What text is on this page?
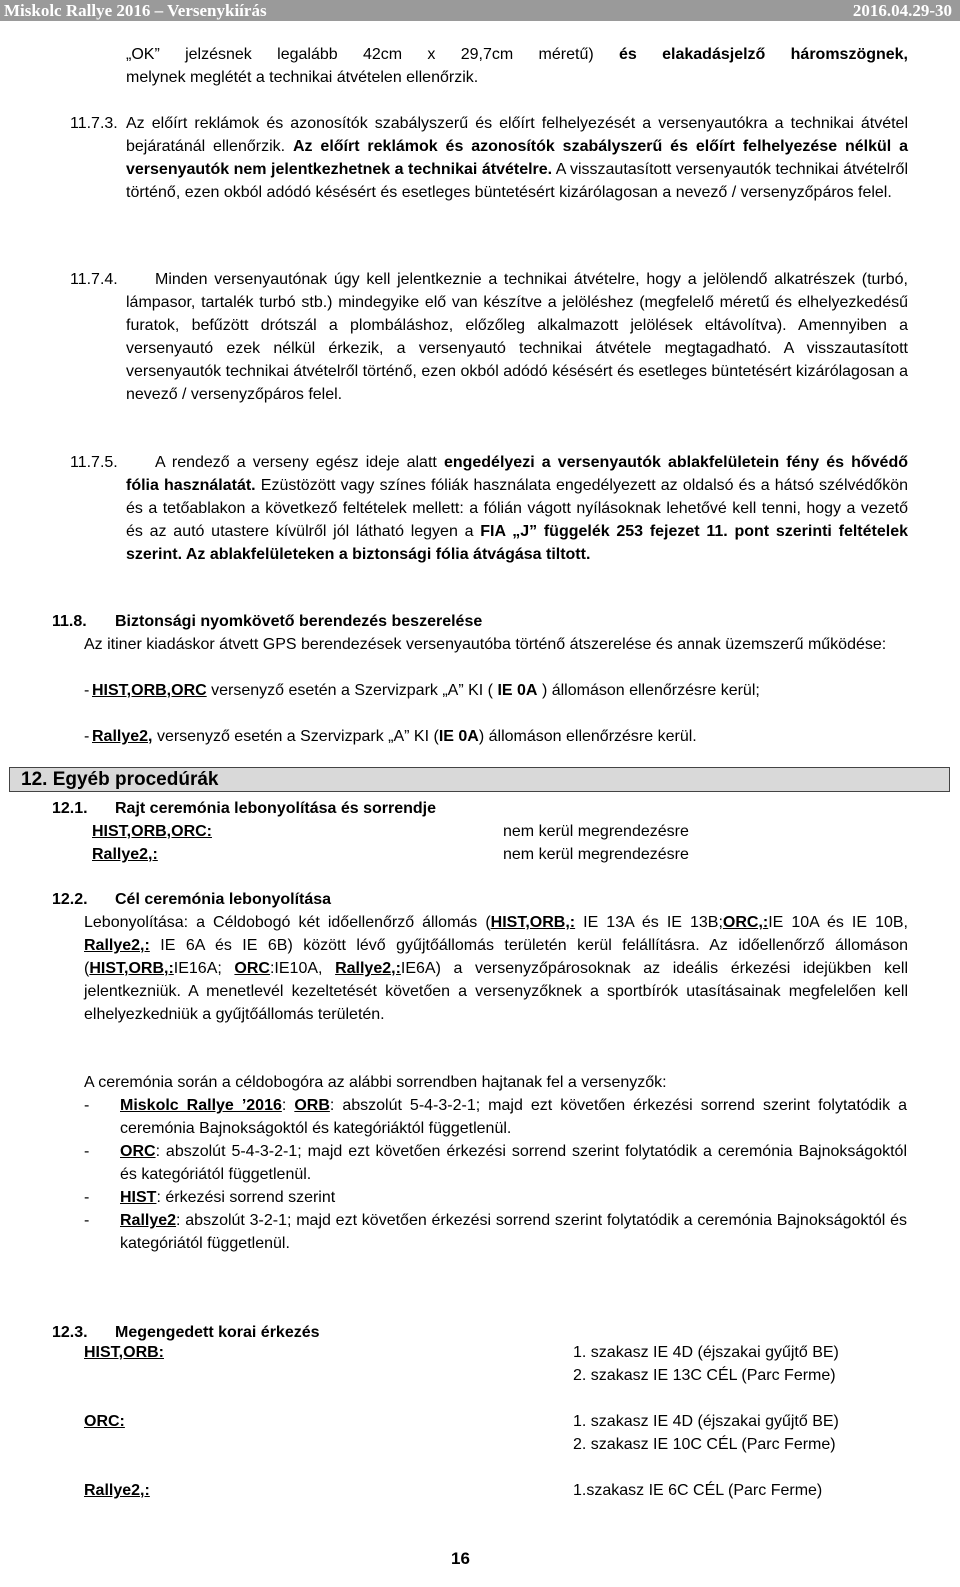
Miskolc Rallye 2016 – Versenykiírás	2016.04.29-30
„OK” jelzésnek legalább 42cm x 29,7cm méretű) és elakadásjelző háromszögnek,
melynek meglétét a technikai átvételen ellenőrzik.
11.7.3. Az előírt reklámok és azonosítók szabályszerű és előírt felhelyezését a versenyautókra a technikai átvétel bejáratánál ellenőrzik. Az előírt reklámok és azonosítók szabályszerű és előírt felhelyezése nélkül a versenyautók nem jelentkezhetnek a technikai átvételre. A visszautasított versenyautók technikai átvételről történő, ezen okból adódó késésért és esetleges büntetésért kizárólagosan a nevező / versenyzőpáros felel.
11.7.4.	Minden versenyautónak úgy kell jelentkeznie a technikai átvételre, hogy a jelölendő alkatrészek (turbó, lámpasor, tartalék turbó stb.) mindegyike elő van készítve a jelöléshez (megfelelő méretű és elhelyezkedésű furatok, befűzött drótszál a plombáláshoz, előzőleg alkalmazott jelölések eltávolítva). Amennyiben a versenyautó ezek nélkül érkezik, a versenyautó technikai átvétele megtagadható. A visszautasított versenyautók technikai átvételről történő, ezen okból adódó késésért és esetleges büntetésért kizárólagosan a nevező / versenyzőpáros felel.
11.7.5.	A rendező a verseny egész ideje alatt engedélyezi a versenyautók ablakfelületein fény és hővédő fólia használatát. Ezüstözött vagy színes fóliák használata engedélyezett az oldalsó és a hátsó szélvédőkön és a tetőablakon a következő feltételek mellett: a fólián vágott nyílásoknak lehetővé kell tenni, hogy a vezető és az autó utastere kívülről jól látható legyen a FIA „J” függelék 253 fejezet 11. pont szerinti feltételek szerint. Az ablakfelületeken a biztonsági fólia átvágása tiltott.
11.8. Biztonsági nyomkövető berendezés beszerelése
Az itiner kiadáskor átvett GPS berendezések versenyautóba történő átszerelése és annak üzemszerű működése:
- HIST,ORB,ORC versenyző esetén a Szervizpark „A” KI ( IE 0A ) állomáson ellenőrzésre kerül;
- Rallye2, versenyző esetén a Szervizpark „A” KI (IE 0A) állomáson ellenőrzésre kerül.
12. Egyéb procedúrák
12.1. Rajt ceremónia lebonyolítása és sorrendje
HIST,ORB,ORC:	nem kerül megrendezésre
Rallye2,:	nem kerül megrendezésre
12.2. Cél ceremónia lebonyolítása
Lebonyolítása: a Céldobogó két időellenőrző állomás (HIST,ORB,: IE 13A és IE 13B;ORC,:IE 10A és IE 10B, Rallye2,: IE 6A és IE 6B) között lévő gyűjtőállomás területén kerül felállításra. Az időellenőrző állomáson (HIST,ORB,:IE16A; ORC:IE10A, Rallye2,:IE6A) a versenyzőpárosoknak az ideális érkezési idejükben kell jelentkezniük. A menetlevél kezeltetését követően a versenyzőknek a sportbírók utasításainak megfelelően kell elhelyezkedniük a gyűjtőállomás területén.
A ceremónia során a céldobogóra az alábbi sorrendben hajtanak fel a versenyzők:
- Miskolc Rallye ’2016: ORB: abszolút 5-4-3-2-1; majd ezt követően érkezési sorrend szerint folytatódik a ceremónia Bajnokságoktól és kategóriáktól függetlenül.
- ORC: abszolút 5-4-3-2-1; majd ezt követően érkezési sorrend szerint folytatódik a ceremónia Bajnokságoktól és kategóriától függetlenül.
- HIST: érkezési sorrend szerint
- Rallye2: abszolút 3-2-1; majd ezt követően érkezési sorrend szerint folytatódik a ceremónia Bajnokságoktól és kategóriától függetlenül.
12.3. Megengedett korai érkezés
HIST,ORB:	1. szakasz IE 4D (éjszakai gyűjtő BE)
2. szakasz IE 13C CÉL (Parc Ferme)
ORC:	1. szakasz IE 4D (éjszakai gyűjtő BE)
2. szakasz IE 10C CÉL (Parc Ferme)
Rallye2,:	1.szakasz IE 6C CÉL (Parc Ferme)
16
